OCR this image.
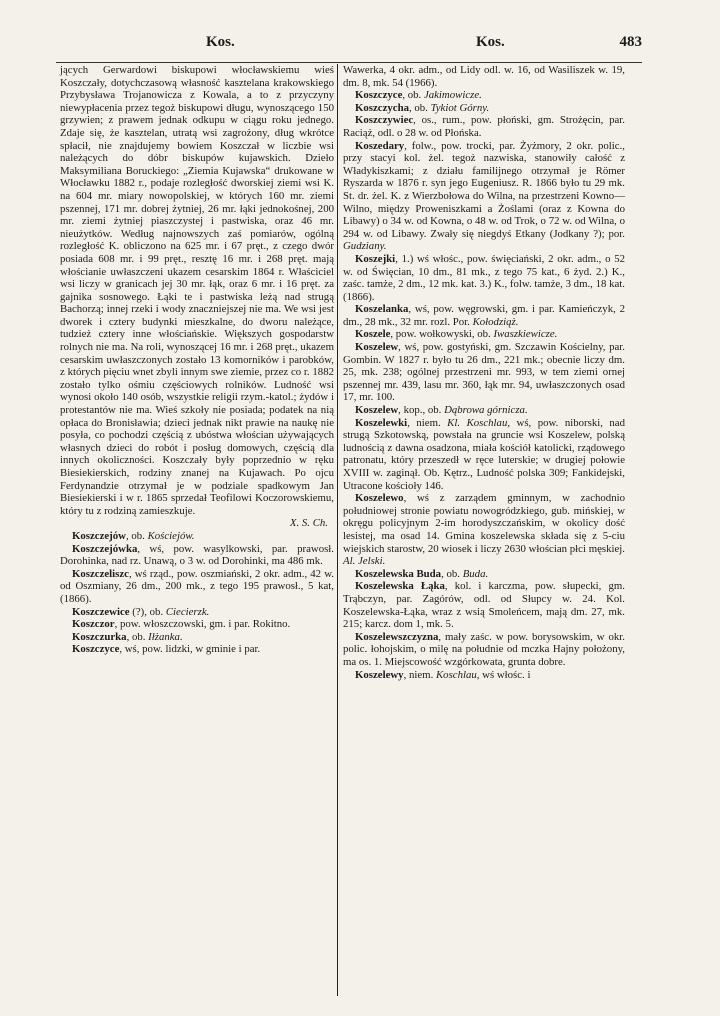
Kos.	Kos.	483
jących Gerwardowi biskupowi włocławskiemu wieś Koszczały, dotychczasową własność kasztelana krakowskiego Przybysława Trojanowicza z Kowala, a to z przyczyny niewypłacenia przez tegoż biskupowi długu, wynoszącego 150 grzywien; z prawem jednak odkupu w ciągu roku jednego. Zdaje się, że kasztelan, utratą wsi zagrożony, dług wkrótce spłacił, nie znajdujemy bowiem Koszczał w liczbie wsi należących do dóbr biskupów kujawskich. Dzieło Maksymiliana Boruckiego: „Ziemia Kujawska“ drukowane w Włocławku 1882 r., podaje rozległość dworskiej ziemi wsi K. na 604 mr. miary nowopolskiej, w których 160 mr. ziemi pszennej, 171 mr. dobrej żytniej, 26 mr. łąki jednokośnej, 200 mr. ziemi żytniej piaszczystej i pastwiska, oraz 46 mr. nieużytków. Według najnowszych zaś pomiarów, ogólną rozległość K. obliczono na 625 mr. i 67 pręt., z czego dwór posiada 608 mr. i 99 pręt., resztę 16 mr. i 268 pręt. mają włościanie uwłaszczeni ukazem cesarskim 1864 r. Właściciel wsi liczy w granicach jej 30 mr. łąk, oraz 6 mr. i 16 pręt. za gajnika sosnowego. Łąki te i pastwiska leżą nad strugą Bachorzą; innej rzeki i wody znaczniejszej nie ma. We wsi jest dworek i cztery budynki mieszkalne, do dworu należące, tudzież cztery inne włościańskie. Większych gospodarstw rolnych nie ma. Na roli, wynoszącej 16 mr. i 268 pręt., ukazem cesarskim uwłaszczonych zostało 13 komorników i parobków, z których pięciu wnet zbyli innym swe ziemie, przez co r. 1882 zostało tylko ośmiu częściowych rolników. Ludność wsi wynosi około 140 osób, wszystkie religii rzym.-katol.; żydów i protestantów nie ma. Wieś szkoły nie posiada; podatek na nią opłaca do Bronisławia; dzieci jednak nikt prawie na naukę nie posyła, co pochodzi częścią z ubóstwa włościan używających własnych dzieci do robót i posług domowych, częścią dla innych okoliczności. Koszczały były poprzednio w ręku Biesiekierskich, rodziny znanej na Kujawach. Po ojcu Ferdynandzie otrzymał je w podziale spadkowym Jan Biesiekierski i w r. 1865 sprzedał Teofilowi Koczorowskiemu, który tu z rodziną zamieszkuje.
X. S. Ch.
Koszczejów, ob. Kościejów.
Koszczejówka, wś, pow. wasylkowski, par. prawosł. Dorohinka, nad rz. Unawą, o 3 w. od Dorohinki, ma 486 mk.
Koszczeliszc, wś rząd., pow. oszmiański, 2 okr. adm., 42 w. od Oszmiany, 26 dm., 200 mk., z tego 195 prawosł., 5 kat, (1866).
Koszczewice (?), ob. Ciecierzk.
Koszczor, pow. włoszczowski, gm. i par. Rokitno.
Koszczurka, ob. Iłżanka.
Koszczyce, wś, pow. lidzki, w gminie i par.
Wawerka, 4 okr. adm., od Lidy odl. w. 16, od Wasiliszek w. 19, dm. 8, mk. 54 (1966).
Koszczyce, ob. Jakimowicze.
Koszczycha, ob. Tykiot Górny.
Koszczywiec, os., rum., pow. płoński, gm. Strożęcin, par. Raciąż, odl. o 28 w. od Płońska.
Koszedary, folw., pow. trocki, par. Żyżmory, 2 okr. polic., przy stacyi kol. żel. tegoż nazwiska, stanowiły całość z Władykiszkami; z działu familijnego otrzymał je Römer Ryszarda w 1876 r. syn jego Eugeniusz. R. 1866 było tu 29 mk. St. dr. żel. K. z Wierzbołowa do Wilna, na przestrzeni Kowno—Wilno, między Proweniszkami a Żoślami (oraz z Kowna do Libawy) o 34 w. od Kowna, o 48 w. od Trok, o 72 w. od Wilna, o 294 w. od Libawy. Zwały się niegdyś Etkany (Jodkany ?); por. Gudziany.
Koszejki, 1.) wś włośc., pow. święciański, 2 okr. adm., o 52 w. od Święcian, 10 dm., 81 mk., z tego 75 kat., 6 żyd. 2.) K., zaśc. tamże, 2 dm., 12 mk. kat. 3.) K., folw. tamże, 3 dm., 18 kat. (1866).
Koszelanka, wś, pow. węgrowski, gm. i par. Kamieńczyk, 2 dm., 28 mk., 32 mr. rozl. Por. Kołodziąż.
Koszele, pow. wołkowyski, ob. Iwaszkiewicze.
Koszelew, wś, pow. gostyński, gm. Szczawin Kościelny, par. Gombin. W 1827 r. było tu 26 dm., 221 mk.; obecnie liczy dm. 25, mk. 238; ogólnej przestrzeni mr. 993, w tem ziemi ornej pszennej mr. 439, lasu mr. 360, łąk mr. 94, uwłaszczonych osad 17, mr. 100.
Koszelew, kop., ob. Dąbrowa górnicza.
Koszelewki, niem. Kl. Koschlau, wś, pow. niborski, nad strugą Szkotowską, powstała na gruncie wsi Koszelew, polską ludnością z dawna osadzona, miała kościół katolicki, rządowego patronatu, który przeszedł w ręce luterskie; w drugiej połowie XVIII w. zaginął. Ob. Kętrz., Ludność polska 309; Fankidejski, Utracone kościoły 146.
Koszelewo, wś z zarządem gminnym, w zachodnio południowej stronie powiatu nowogródzkiego, gub. mińskiej, w okręgu policyjnym 2-im horodyszczańskim, w okolicy dość lesistej, ma osad 14. Gmina koszelewska składa się z 5-ciu wiejskich starostw, 20 wiosek i liczy 2630 włościan płci męskiej. Al. Jelski.
Koszelewska Buda, ob. Buda.
Koszelewska Łąka, kol. i karczma, pow. słupecki, gm. Trąbczyn, par. Zagórów, odl. od Słupcy w. 24. Kol. Koszelewska-Łąka, wraz z wsią Smoleńcem, mają dm. 27, mk. 215; karcz. dom 1, mk. 5.
Koszelewszczyzna, mały zaśc. w pow. borysowskim, w okr. polic. łohojskim, o milę na południe od mczka Hajny położony, ma os. 1. Miejscowość wzgórkowata, grunta dobre.
Koszelewy, niem. Koschlau, wś włośc. i
